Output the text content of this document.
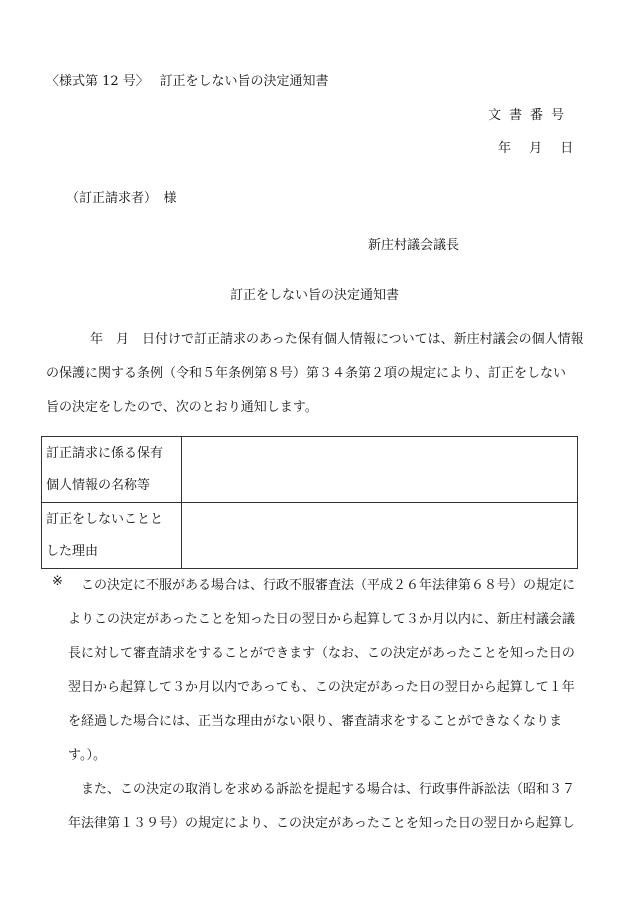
〈様式第 12 号〉　 訂正をしない旨の決定通知書
文書番号
年 月 日
（訂正請求者）　様
新庄村議会議長
訂正をしない旨の決定通知書
年　月　日付けで訂正請求のあった保有個人情報については、新庄村議会の個人情報
の保護に関する条例（令和５年条例第８号）第３４条第２項の規定により、訂正をしない
旨の決定をしたので、次のとおり通知します。
訂正請求に係る保有
個人情報の名称等	

訂正をしないことと
した理由	

※ この決定に不服がある場合は、行政不服審査法（平成２６年法律第６８号）の規定に
よりこの決定があったことを知った日の翌日から起算して３か月以内に、新庄村議会議
長に対して審査請求をすることができます（なお、この決定があったことを知った日の
翌日から起算して３か月以内であっても、この決定があった日の翌日から起算して１年
を経過した場合には、正当な理由がない限り、審査請求をすることができなくなりま
す。）。
また、この決定の取消しを求める訴訟を提起する場合は、行政事件訴訟法（昭和３７
年法律第１３９号）の規定により、この決定があったことを知った日の翌日から起算し
